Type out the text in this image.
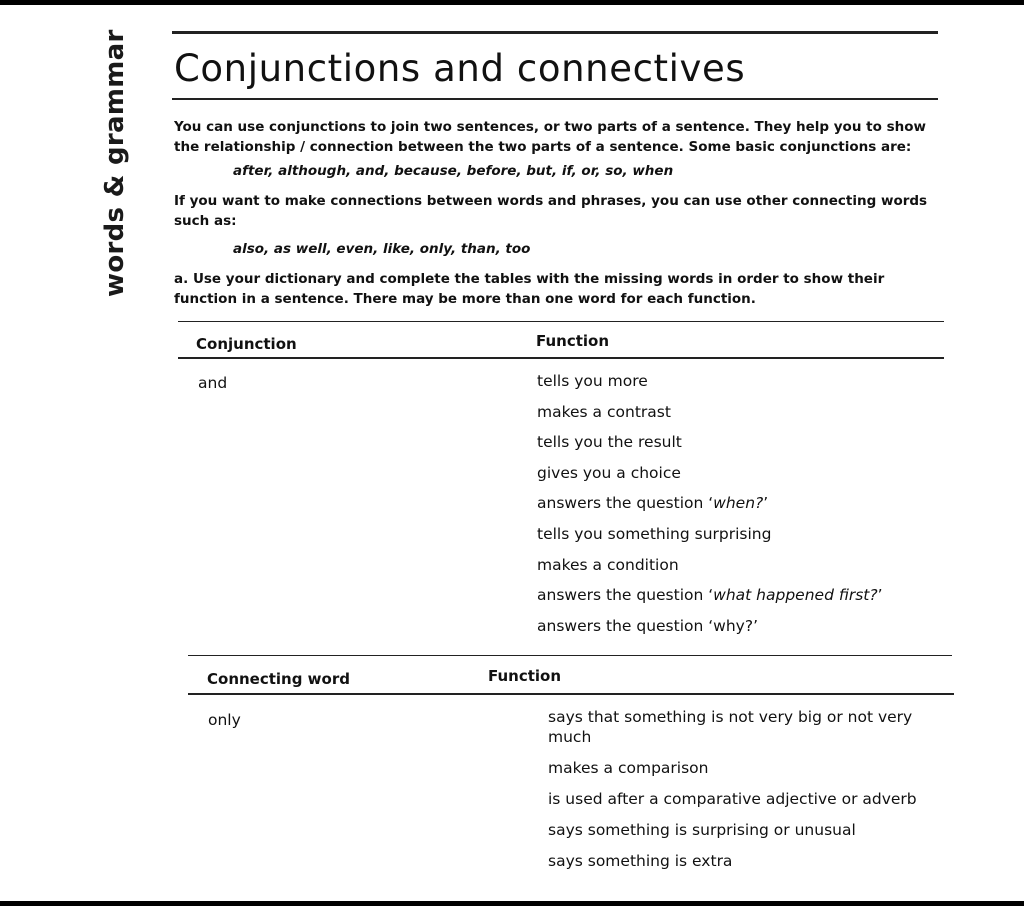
words & grammar Conjunctions and connectives
You can use conjunctions to join two sentences, or two parts of a sentence. They help you to show the relationship / connection between the two parts of a sentence. Some basic conjunctions are:
after, although, and, because, before, but, if, or, so, when
If you want to make connections between words and phrases, you can use other connecting words such as:
also, as well, even, like, only, than, too
a. Use your dictionary and complete the tables with the missing words in order to show their function in a sentence. There may be more than one word for each function.
Conjunction	Function
and	tells you more
makes a contrast
tells you the result
gives you a choice
answers the question ‘when?’
tells you something surprising
makes a condition
answers the question ‘what happened first?’
answers the question ‘why?’
Connecting word	Function
only	says that something is not very big or not very much
makes a comparison
is used after a comparative adjective or adverb
says something is surprising or unusual
says something is extra
